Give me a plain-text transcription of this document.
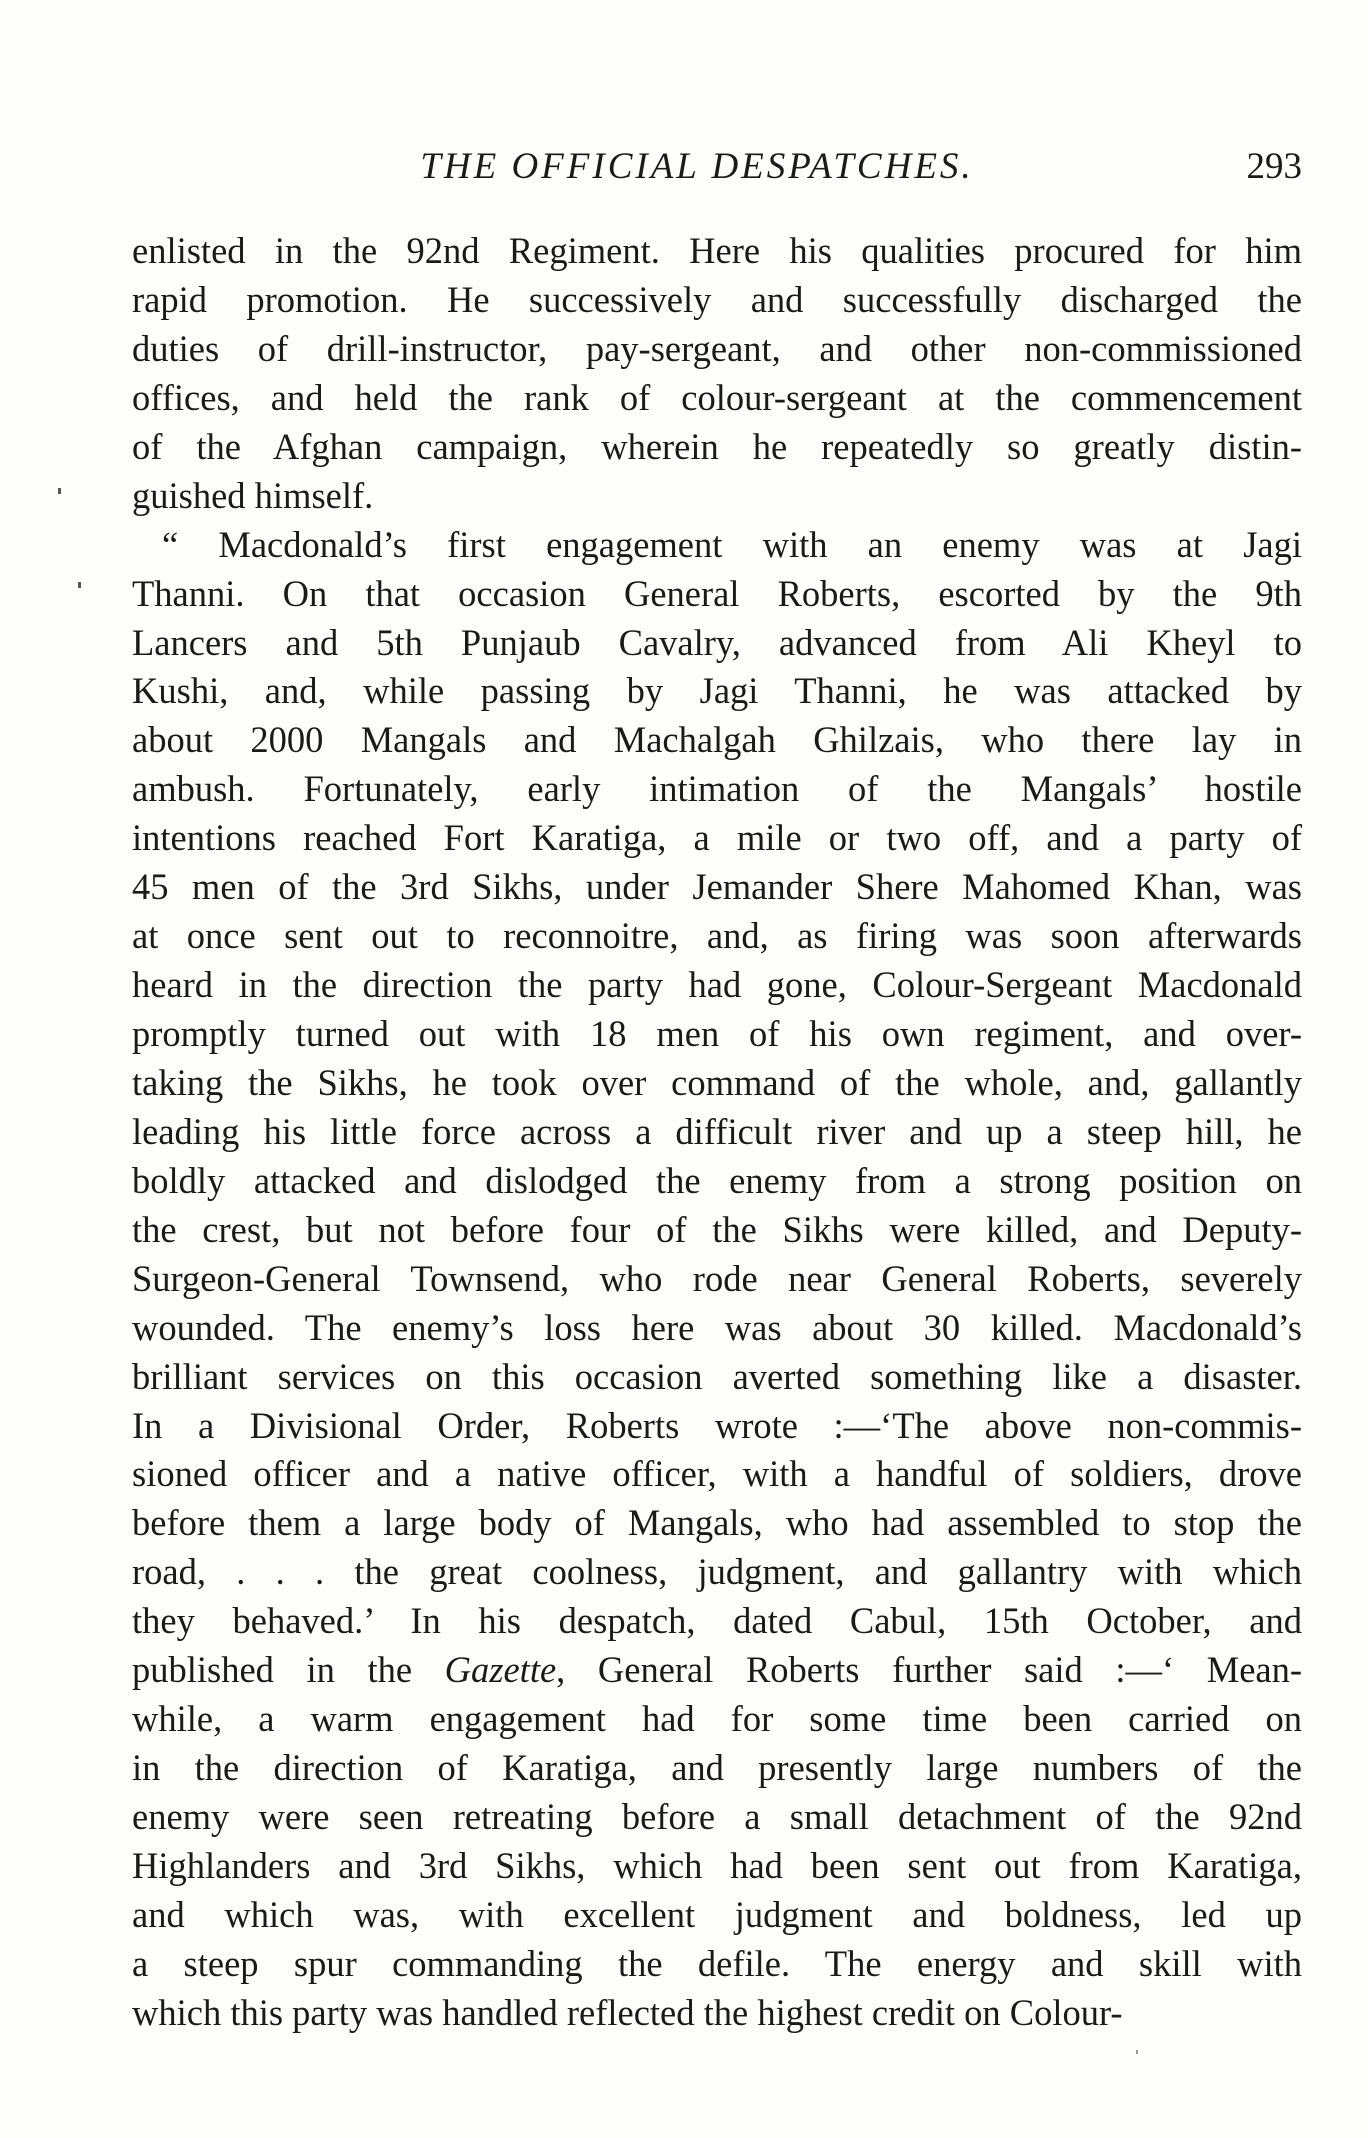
THE OFFICIAL DESPATCHES.	293
enlisted in the 92nd Regiment. Here his qualities procured for him
rapid promotion. He successively and successfully discharged the
duties of drill-instructor, pay-sergeant, and other non-commissioned
offices, and held the rank of colour-sergeant at the commencement
of the Afghan campaign, wherein he repeatedly so greatly distin-
guished himself.
“ Macdonald’s first engagement with an enemy was at Jagi
Thanni. On that occasion General Roberts, escorted by the 9th
Lancers and 5th Punjaub Cavalry, advanced from Ali Kheyl to
Kushi, and, while passing by Jagi Thanni, he was attacked by
about 2000 Mangals and Machalgah Ghilzais, who there lay in
ambush. Fortunately, early intimation of the Mangals’ hostile
intentions reached Fort Karatiga, a mile or two off, and a party of
45 men of the 3rd Sikhs, under Jemander Shere Mahomed Khan, was
at once sent out to reconnoitre, and, as firing was soon afterwards
heard in the direction the party had gone, Colour-Sergeant Macdonald
promptly turned out with 18 men of his own regiment, and over-
taking the Sikhs, he took over command of the whole, and, gallantly
leading his little force across a difficult river and up a steep hill, he
boldly attacked and dislodged the enemy from a strong position on
the crest, but not before four of the Sikhs were killed, and Deputy-
Surgeon-General Townsend, who rode near General Roberts, severely
wounded. The enemy’s loss here was about 30 killed. Macdonald’s
brilliant services on this occasion averted something like a disaster.
In a Divisional Order, Roberts wrote :—‘The above non-commis-
sioned officer and a native officer, with a handful of soldiers, drove
before them a large body of Mangals, who had assembled to stop the
road, . . . the great coolness, judgment, and gallantry with which
they behaved.’ In his despatch, dated Cabul, 15th October, and
published in the Gazette, General Roberts further said :—‘ Mean-
while, a warm engagement had for some time been carried on
in the direction of Karatiga, and presently large numbers of the
enemy were seen retreating before a small detachment of the 92nd
Highlanders and 3rd Sikhs, which had been sent out from Karatiga,
and which was, with excellent judgment and boldness, led up
a steep spur commanding the defile. The energy and skill with
which this party was handled reflected the highest credit on Colour-
